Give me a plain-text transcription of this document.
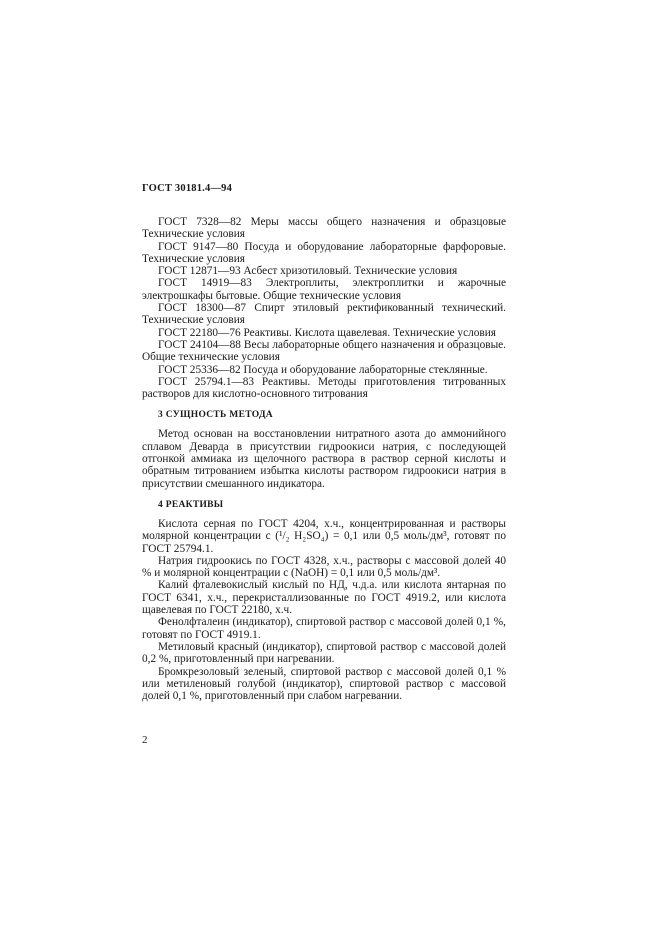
ГОСТ 30181.4—94

ГОСТ 7328—82 Меры массы общего назначения и образцовые Технические условия

ГОСТ 9147—80 Посуда и оборудование лабораторные фарфоровые. Технические условия

ГОСТ 12871—93 Асбест хризотиловый. Технические условия

ГОСТ 14919—83 Электроплиты, электроплитки и жарочные электрошкафы бытовые. Общие технические условия

ГОСТ 18300—87 Спирт этиловый ректификованный технический. Технические условия

ГОСТ 22180—76 Реактивы. Кислота щавелевая. Технические условия

ГОСТ 24104—88 Весы лабораторные общего назначения и образцовые. Общие технические условия

ГОСТ 25336—82 Посуда и оборудование лабораторные стеклянные.

ГОСТ 25794.1—83 Реактивы. Методы приготовления титрованных растворов для кислотно-основного титрования

3 СУЩНОСТЬ МЕТОДА

Метод основан на восстановлении нитратного азота до аммонийного сплавом Деварда в присутствии гидроокиси натрия, с последующей отгонкой аммиака из щелочного раствора в раствор серной кислоты и обратным титрованием избытка кислоты раствором гидроокиси натрия в присутствии смешанного индикатора.

4 РЕАКТИВЫ

Кислота серная по ГОСТ 4204, х.ч., концентрированная и растворы молярной концентрации c (¹/₂ H₂SO₄) = 0,1 или 0,5 моль/дм³, готовят по ГОСТ 25794.1.

Натрия гидроокись по ГОСТ 4328, х.ч., растворы с массовой долей 40 % и молярной концентрации c (NaOH) = 0,1 или 0,5 моль/дм³.

Калий фталевокислый кислый по НД, ч.д.а. или кислота янтарная по ГОСТ 6341, х.ч., перекристаллизованные по ГОСТ 4919.2, или кислота щавелевая по ГОСТ 22180, х.ч.

Фенолфталеин (индикатор), спиртовой раствор с массовой долей 0,1 %, готовят по ГОСТ 4919.1.

Метиловый красный (индикатор), спиртовой раствор с массовой долей 0,2 %, приготовленный при нагревании.

Бромкрезоловый зеленый, спиртовой раствор с массовой долей 0,1 % или метиленовый голубой (индикатор), спиртовой раствор с массовой долей 0,1 %, приготовленный при слабом нагревании.

2
